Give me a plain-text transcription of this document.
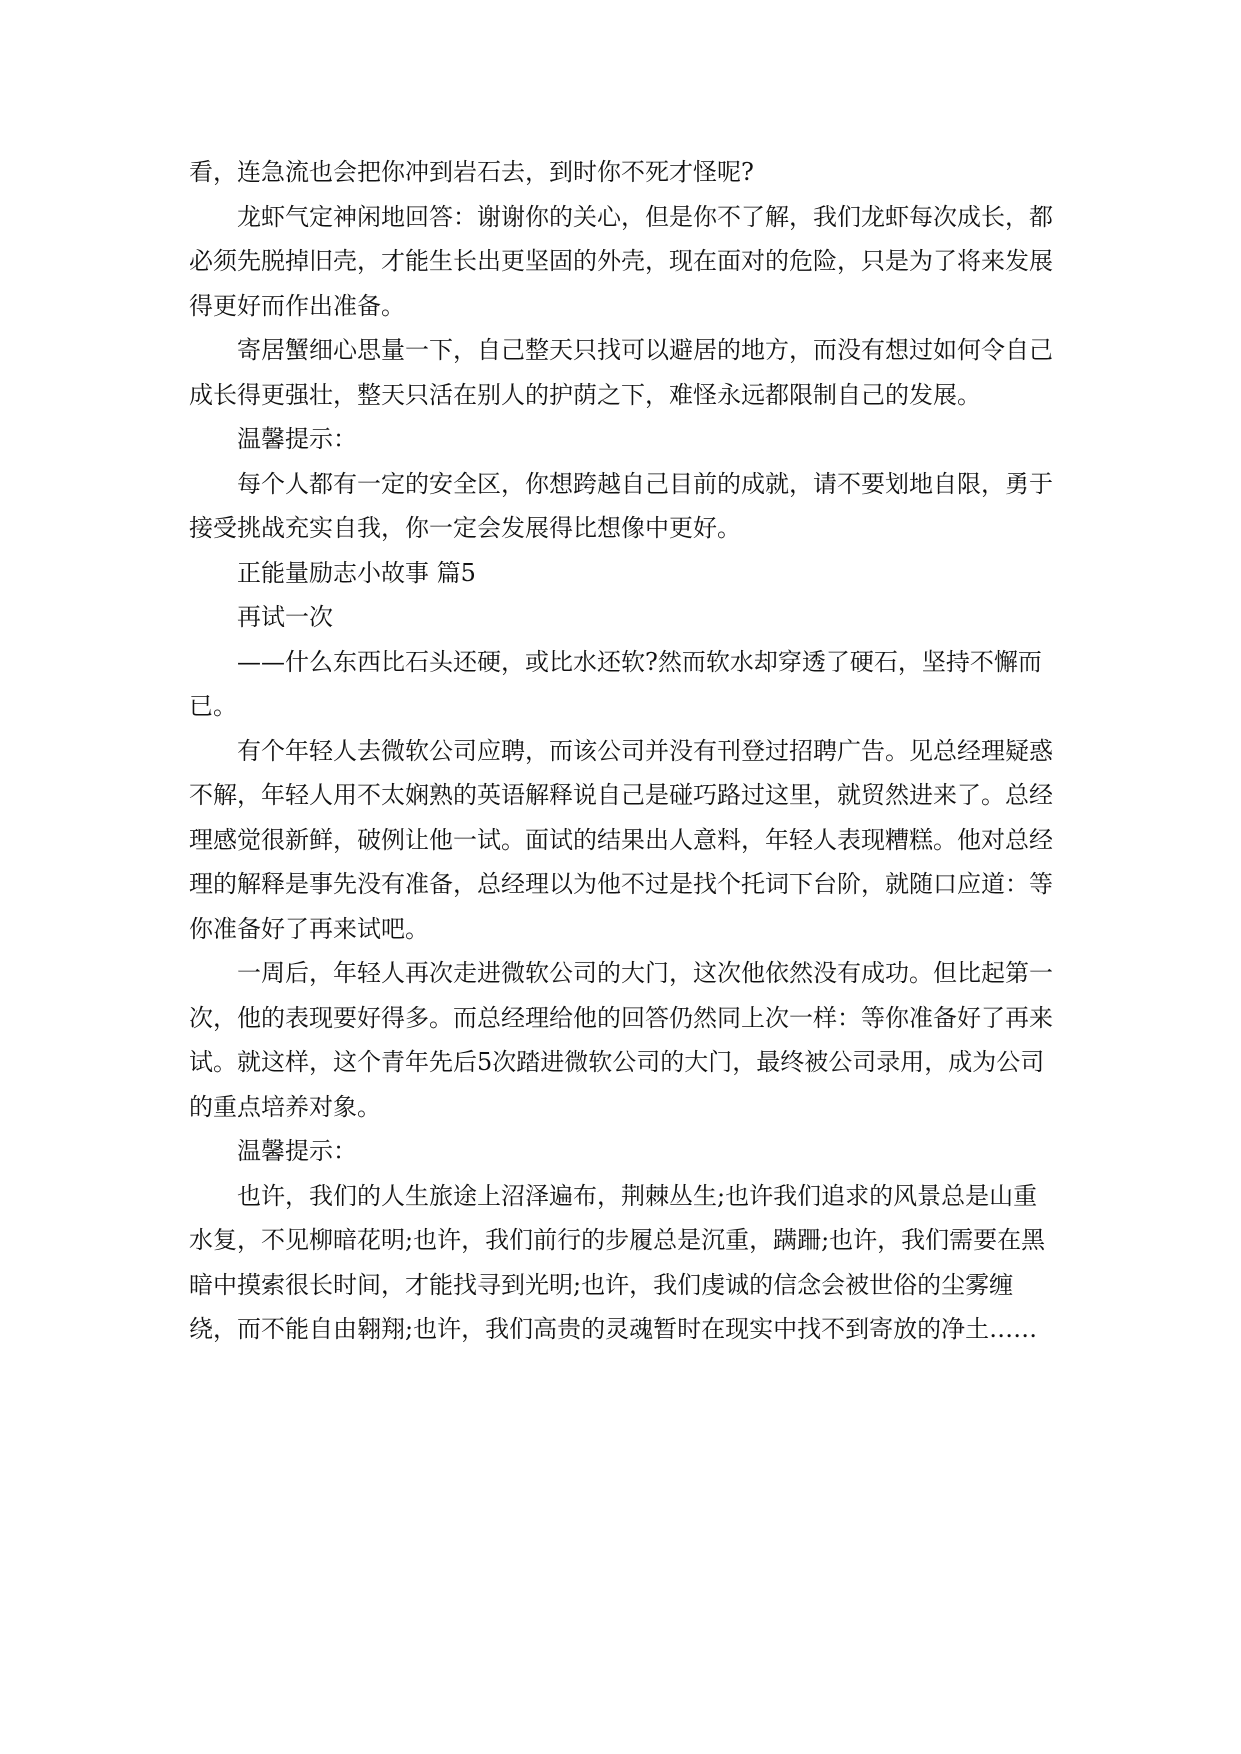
看，连急流也会把你冲到岩石去，到时你不死才怪呢?

龙虾气定神闲地回答：谢谢你的关心，但是你不了解，我们龙虾每次成长，都必须先脱掉旧壳，才能生长出更坚固的外壳，现在面对的危险，只是为了将来发展得更好而作出准备。

寄居蟹细心思量一下，自己整天只找可以避居的地方，而没有想过如何令自己成长得更强壮，整天只活在别人的护荫之下，难怪永远都限制自己的发展。

温馨提示：

每个人都有一定的安全区，你想跨越自己目前的成就，请不要划地自限，勇于接受挑战充实自我，你一定会发展得比想像中更好。

正能量励志小故事 篇5

再试一次

——什么东西比石头还硬，或比水还软?然而软水却穿透了硬石，坚持不懈而已。

有个年轻人去微软公司应聘，而该公司并没有刊登过招聘广告。见总经理疑惑不解，年轻人用不太娴熟的英语解释说自己是碰巧路过这里，就贸然进来了。总经理感觉很新鲜，破例让他一试。面试的结果出人意料，年轻人表现糟糕。他对总经理的解释是事先没有准备，总经理以为他不过是找个托词下台阶，就随口应道：等你准备好了再来试吧。

一周后，年轻人再次走进微软公司的大门，这次他依然没有成功。但比起第一次，他的表现要好得多。而总经理给他的回答仍然同上次一样：等你准备好了再来试。就这样，这个青年先后5次踏进微软公司的大门，最终被公司录用，成为公司的重点培养对象。

温馨提示：

也许，我们的人生旅途上沼泽遍布，荆棘丛生;也许我们追求的风景总是山重水复，不见柳暗花明;也许，我们前行的步履总是沉重，蹒跚;也许，我们需要在黑暗中摸索很长时间，才能找寻到光明;也许，我们虔诚的信念会被世俗的尘雾缠绕，而不能自由翱翔;也许，我们高贵的灵魂暂时在现实中找不到寄放的净土……
